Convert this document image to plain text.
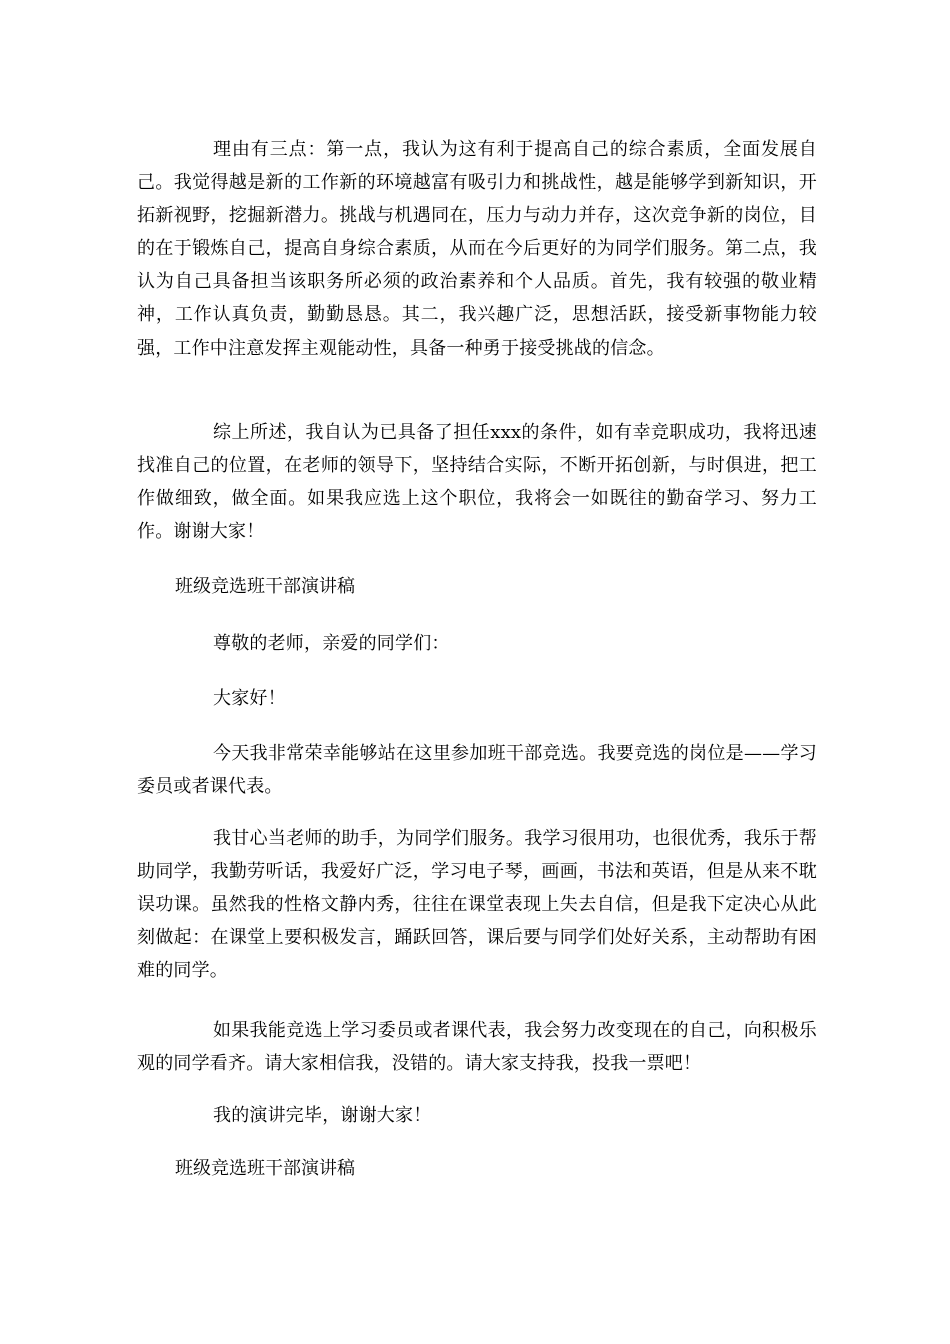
理由有三点：第一点，我认为这有利于提高自己的综合素质，全面发展自己。我觉得越是新的工作新的环境越富有吸引力和挑战性，越是能够学到新知识，开拓新视野，挖掘新潜力。挑战与机遇同在，压力与动力并存，这次竞争新的岗位，目的在于锻炼自己，提高自身综合素质，从而在今后更好的为同学们服务。第二点，我认为自己具备担当该职务所必须的政治素养和个人品质。首先，我有较强的敬业精神，工作认真负责，勤勤恳恳。其二，我兴趣广泛，思想活跃，接受新事物能力较强，工作中注意发挥主观能动性，具备一种勇于接受挑战的信念。

综上所述，我自认为已具备了担任xxx的条件，如有幸竞职成功，我将迅速找准自己的位置，在老师的领导下，坚持结合实际，不断开拓创新，与时俱进，把工作做细致，做全面。如果我应选上这个职位，我将会一如既往的勤奋学习、努力工作。谢谢大家！

班级竞选班干部演讲稿

尊敬的老师，亲爱的同学们：

大家好！

今天我非常荣幸能够站在这里参加班干部竞选。我要竞选的岗位是——学习委员或者课代表。

我甘心当老师的助手，为同学们服务。我学习很用功，也很优秀，我乐于帮助同学，我勤劳听话，我爱好广泛，学习电子琴，画画，书法和英语，但是从来不耽误功课。虽然我的性格文静内秀，往往在课堂表现上失去自信，但是我下定决心从此刻做起：在课堂上要积极发言，踊跃回答，课后要与同学们处好关系，主动帮助有困难的同学。

如果我能竞选上学习委员或者课代表，我会努力改变现在的自己，向积极乐观的同学看齐。请大家相信我，没错的。请大家支持我，投我一票吧！

我的演讲完毕，谢谢大家！

班级竞选班干部演讲稿
